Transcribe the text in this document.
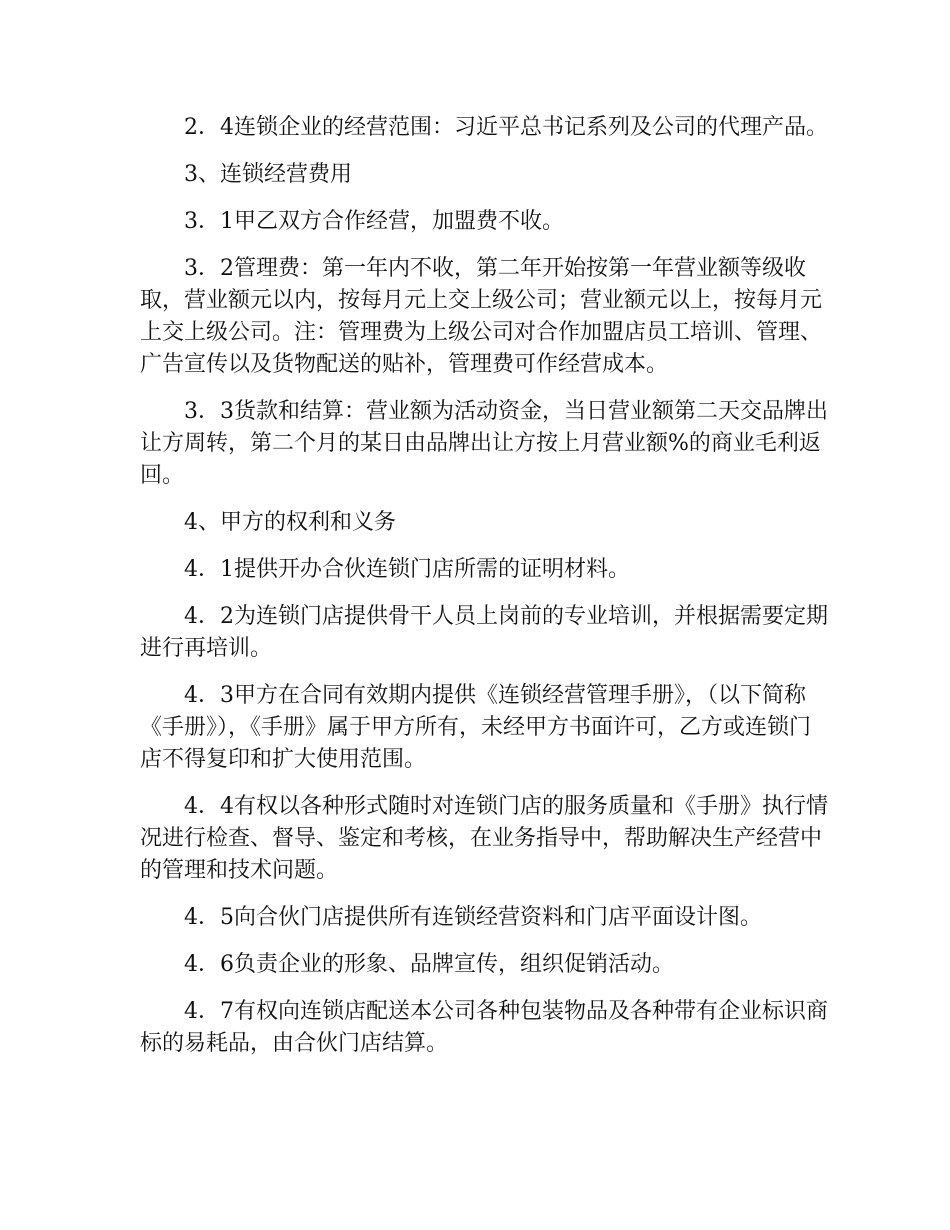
2．4连锁企业的经营范围：习近平总书记系列及公司的代理产品。

3、连锁经营费用

3．1甲乙双方合作经营，加盟费不收。

3．2管理费：第一年内不收，第二年开始按第一年营业额等级收取，营业额元以内，按每月元上交上级公司；营业额元以上，按每月元上交上级公司。注：管理费为上级公司对合作加盟店员工培训、管理、广告宣传以及货物配送的贴补，管理费可作经营成本。

3．3货款和结算：营业额为活动资金，当日营业额第二天交品牌出让方周转，第二个月的某日由品牌出让方按上月营业额%的商业毛利返回。

4、甲方的权利和义务

4．1提供开办合伙连锁门店所需的证明材料。

4．2为连锁门店提供骨干人员上岗前的专业培训，并根据需要定期进行再培训。

4．3甲方在合同有效期内提供《连锁经营管理手册》，（以下简称《手册》），《手册》属于甲方所有，未经甲方书面许可，乙方或连锁门店不得复印和扩大使用范围。

4．4有权以各种形式随时对连锁门店的服务质量和《手册》执行情况进行检查、督导、鉴定和考核，在业务指导中，帮助解决生产经营中的管理和技术问题。

4．5向合伙门店提供所有连锁经营资料和门店平面设计图。

4．6负责企业的形象、品牌宣传，组织促销活动。

4．7有权向连锁店配送本公司各种包装物品及各种带有企业标识商标的易耗品，由合伙门店结算。
